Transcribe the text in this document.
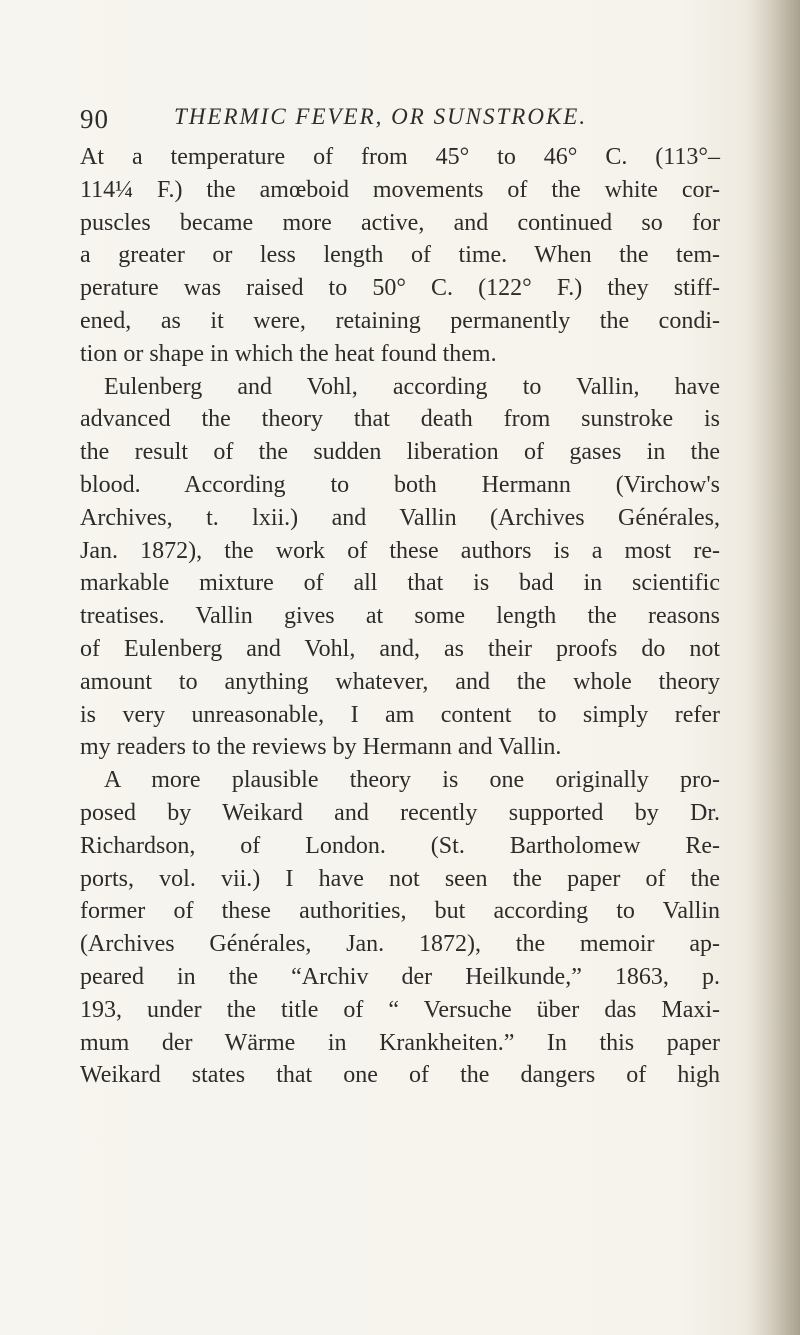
90	THERMIC FEVER, OR SUNSTROKE.
At a temperature of from 45° to 46° C. (113°–
114¼ F.) the amœboid movements of the white cor-
puscles became more active, and continued so for
a greater or less length of time. When the tem-
perature was raised to 50° C. (122° F.) they stiff-
ened, as it were, retaining permanently the condi-
tion or shape in which the heat found them.
Eulenberg and Vohl, according to Vallin, have
advanced the theory that death from sunstroke is
the result of the sudden liberation of gases in the
blood. According to both Hermann (Virchow's
Archives, t. lxii.) and Vallin (Archives Générales,
Jan. 1872), the work of these authors is a most re-
markable mixture of all that is bad in scientific
treatises. Vallin gives at some length the reasons
of Eulenberg and Vohl, and, as their proofs do not
amount to anything whatever, and the whole theory
is very unreasonable, I am content to simply refer
my readers to the reviews by Hermann and Vallin.
A more plausible theory is one originally pro-
posed by Weikard and recently supported by Dr.
Richardson, of London. (St. Bartholomew Re-
ports, vol. vii.) I have not seen the paper of the
former of these authorities, but according to Vallin
(Archives Générales, Jan. 1872), the memoir ap-
peared in the “Archiv der Heilkunde,” 1863, p.
193, under the title of “ Versuche über das Maxi-
mum der Wärme in Krankheiten.” In this paper
Weikard states that one of the dangers of high
